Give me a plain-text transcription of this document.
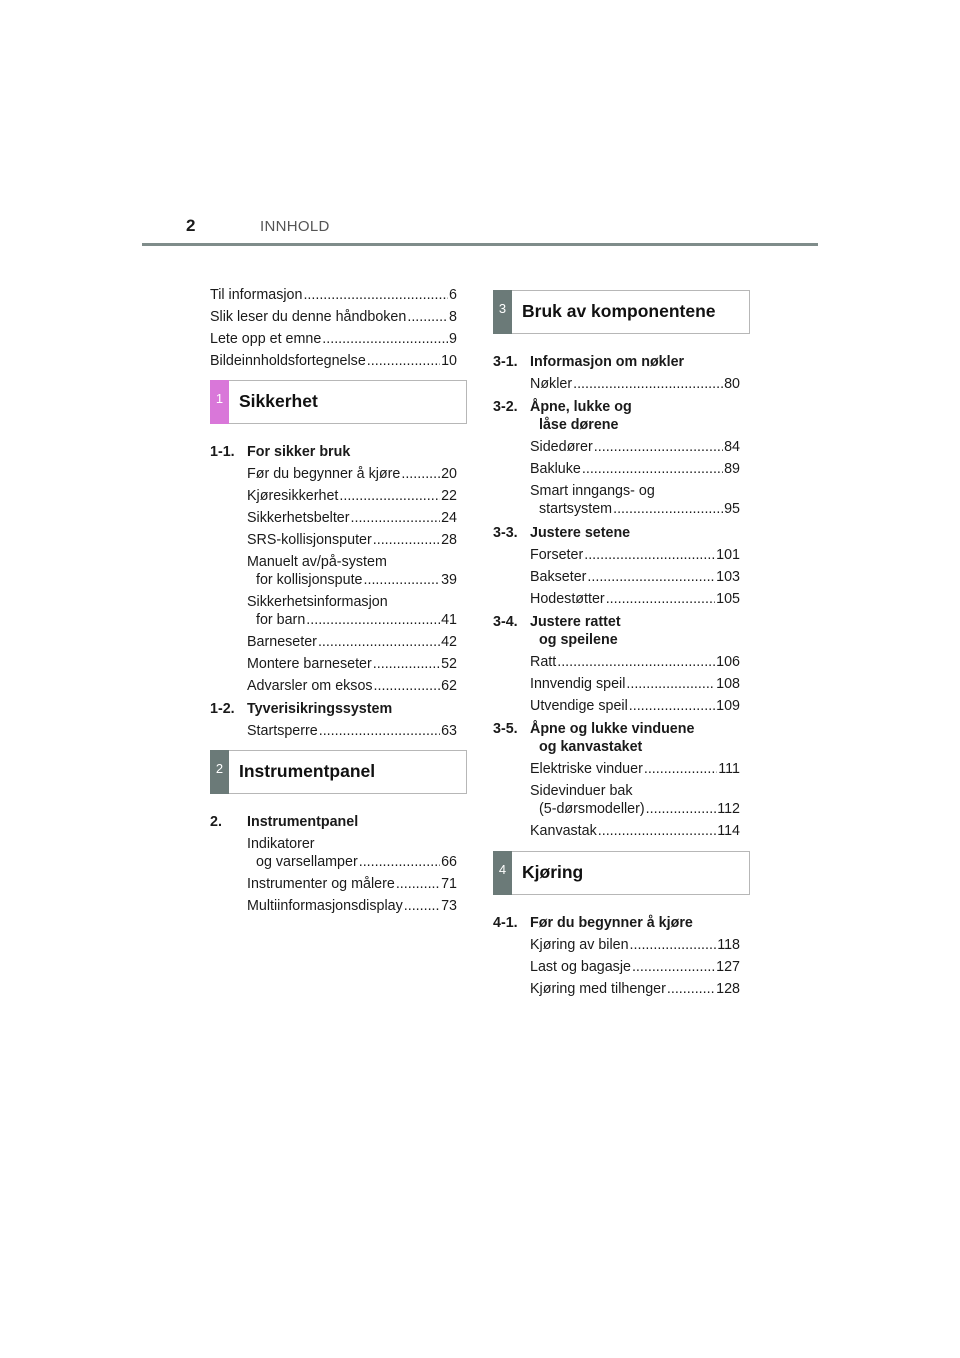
2	INNHOLD
Til informasjon .....	6
Slik leser du denne håndboken .....	8
Lete opp et emne .....	9
Bildeinnholdsfortegnelse .....	10
1 Sikkerhet
1-1. For sikker bruk
Før du begynner å kjøre .....	20
Kjøresikkerhet .....	22
Sikkerhetsbelter .....	24
SRS-kollisjonsputer .....	28
Manuelt av/på-system
for kollisjonspute .....	39
Sikkerhetsinformasjon
for barn .....	41
Barneseter .....	42
Montere barneseter .....	52
Advarsler om eksos .....	62
1-2. Tyverisikringssystem
Startsperre .....	63
2 Instrumentpanel
2. Instrumentpanel
Indikatorer
og varsellamper .....	66
Instrumenter og målere .....	71
Multiinformasjonsdisplay .....	73
3 Bruk av komponentene
3-1. Informasjon om nøkler
Nøkler .....	80
3-2. Åpne, lukke og
låse dørene
Sidedører .....	84
Bakluke .....	89
Smart inngangs- og
startsystem .....	95
3-3. Justere setene
Forseter .....	101
Bakseter .....	103
Hodestøtter .....	105
3-4. Justere rattet
og speilene
Ratt .....	106
Innvendig speil .....	108
Utvendige speil .....	109
3-5. Åpne og lukke vinduene
og kanvastaket
Elektriske vinduer .....	111
Sidevinduer bak
(5-dørsmodeller) .....	112
Kanvastak .....	114
4 Kjøring
4-1. Før du begynner å kjøre
Kjøring av bilen .....	118
Last og bagasje .....	127
Kjøring med tilhenger .....	128
